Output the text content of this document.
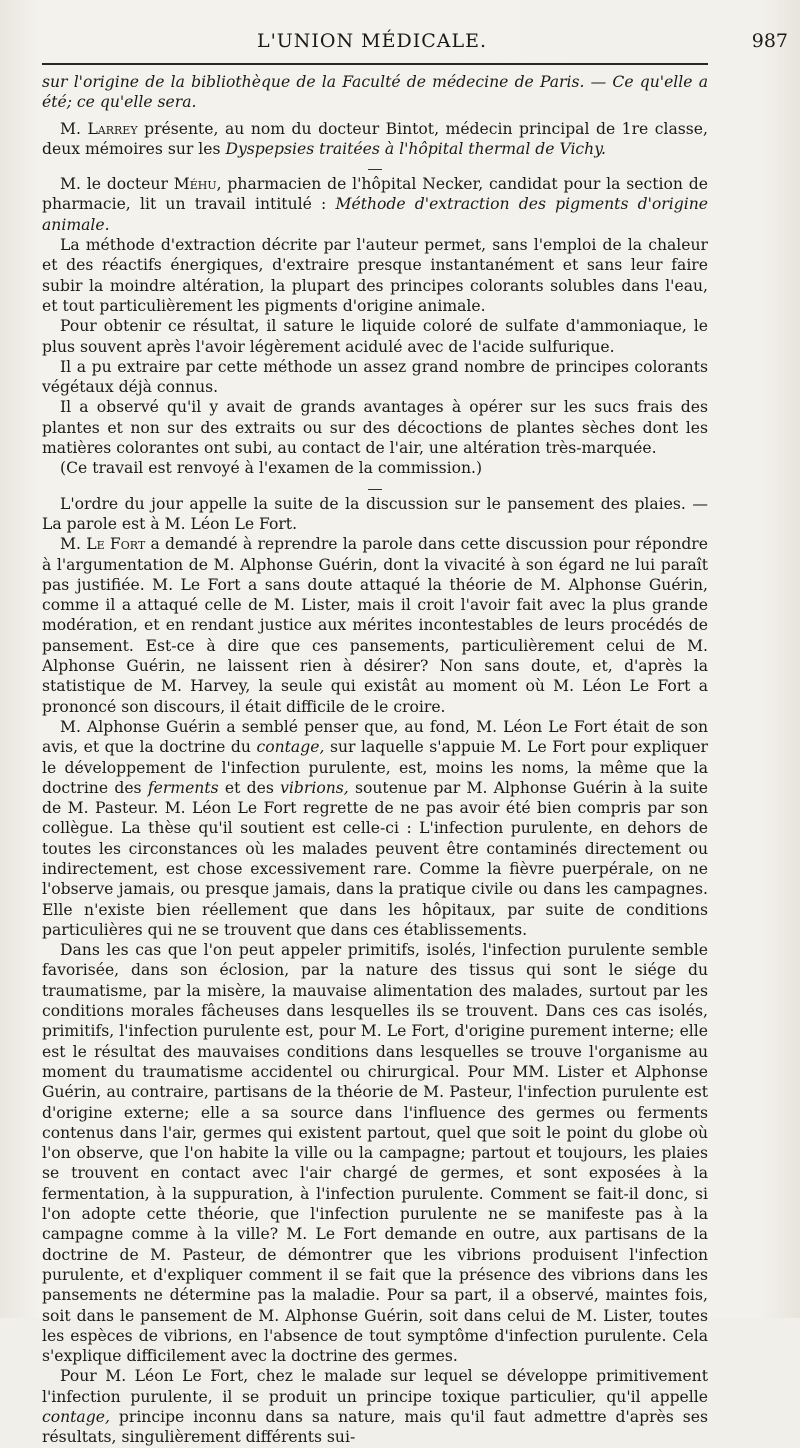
L'UNION MÉDICALE.	987

sur l'origine de la bibliothèque de la Faculté de médecine de Paris. — Ce qu'elle a été; ce qu'elle sera.

M. Larrey présente, au nom du docteur Bintot, médecin principal de 1re classe, deux mémoires sur les Dyspepsies traitées à l'hôpital thermal de Vichy.

M. le docteur Méhu, pharmacien de l'hôpital Necker, candidat pour la section de pharmacie, lit un travail intitulé : Méthode d'extraction des pigments d'origine animale.

La méthode d'extraction décrite par l'auteur permet, sans l'emploi de la chaleur et des réactifs énergiques, d'extraire presque instantanément et sans leur faire subir la moindre altération, la plupart des principes colorants solubles dans l'eau, et tout particulièrement les pigments d'origine animale.

Pour obtenir ce résultat, il sature le liquide coloré de sulfate d'ammoniaque, le plus souvent après l'avoir légèrement acidulé avec de l'acide sulfurique.

Il a pu extraire par cette méthode un assez grand nombre de principes colorants végétaux déjà connus.

Il a observé qu'il y avait de grands avantages à opérer sur les sucs frais des plantes et non sur des extraits ou sur des décoctions de plantes sèches dont les matières colorantes ont subi, au contact de l'air, une altération très-marquée.

(Ce travail est renvoyé à l'examen de la commission.)

L'ordre du jour appelle la suite de la discussion sur le pansement des plaies. — La parole est à M. Léon Le Fort.

M. Le Fort a demandé à reprendre la parole dans cette discussion pour répondre à l'argumentation de M. Alphonse Guérin, dont la vivacité à son égard ne lui paraît pas justifiée. M. Le Fort a sans doute attaqué la théorie de M. Alphonse Guérin, comme il a attaqué celle de M. Lister, mais il croit l'avoir fait avec la plus grande modération, et en rendant justice aux mérites incontestables de leurs procédés de pansement. Est-ce à dire que ces pansements, particulièrement celui de M. Alphonse Guérin, ne laissent rien à désirer? Non sans doute, et, d'après la statistique de M. Harvey, la seule qui existât au moment où M. Léon Le Fort a prononcé son discours, il était difficile de le croire.

M. Alphonse Guérin a semblé penser que, au fond, M. Léon Le Fort était de son avis, et que la doctrine du contage, sur laquelle s'appuie M. Le Fort pour expliquer le développement de l'infection purulente, est, moins les noms, la même que la doctrine des ferments et des vibrions, soutenue par M. Alphonse Guérin à la suite de M. Pasteur. M. Léon Le Fort regrette de ne pas avoir été bien compris par son collègue. La thèse qu'il soutient est celle-ci : L'infection purulente, en dehors de toutes les circonstances où les malades peuvent être contaminés directement ou indirectement, est chose excessivement rare. Comme la fièvre puerpérale, on ne l'observe jamais, ou presque jamais, dans la pratique civile ou dans les campagnes. Elle n'existe bien réellement que dans les hôpitaux, par suite de conditions particulières qui ne se trouvent que dans ces établissements.

Dans les cas que l'on peut appeler primitifs, isolés, l'infection purulente semble favorisée, dans son éclosion, par la nature des tissus qui sont le siége du traumatisme, par la misère, la mauvaise alimentation des malades, surtout par les conditions morales fâcheuses dans lesquelles ils se trouvent. Dans ces cas isolés, primitifs, l'infection purulente est, pour M. Le Fort, d'origine purement interne; elle est le résultat des mauvaises conditions dans lesquelles se trouve l'organisme au moment du traumatisme accidentel ou chirurgical. Pour MM. Lister et Alphonse Guérin, au contraire, partisans de la théorie de M. Pasteur, l'infection purulente est d'origine externe; elle a sa source dans l'influence des germes ou ferments contenus dans l'air, germes qui existent partout, quel que soit le point du globe où l'on observe, que l'on habite la ville ou la campagne; partout et toujours, les plaies se trouvent en contact avec l'air chargé de germes, et sont exposées à la fermentation, à la suppuration, à l'infection purulente. Comment se fait-il donc, si l'on adopte cette théorie, que l'infection purulente ne se manifeste pas à la campagne comme à la ville? M. Le Fort demande en outre, aux partisans de la doctrine de M. Pasteur, de démontrer que les vibrions produisent l'infection purulente, et d'expliquer comment il se fait que la présence des vibrions dans les pansements ne détermine pas la maladie. Pour sa part, il a observé, maintes fois, soit dans le pansement de M. Alphonse Guérin, soit dans celui de M. Lister, toutes les espèces de vibrions, en l'absence de tout symptôme d'infection purulente. Cela s'explique difficilement avec la doctrine des germes.

Pour M. Léon Le Fort, chez le malade sur lequel se développe primitivement l'infection purulente, il se produit un principe toxique particulier, qu'il appelle contage, principe inconnu dans sa nature, mais qu'il faut admettre d'après ses résultats, singulièrement différents sui-
